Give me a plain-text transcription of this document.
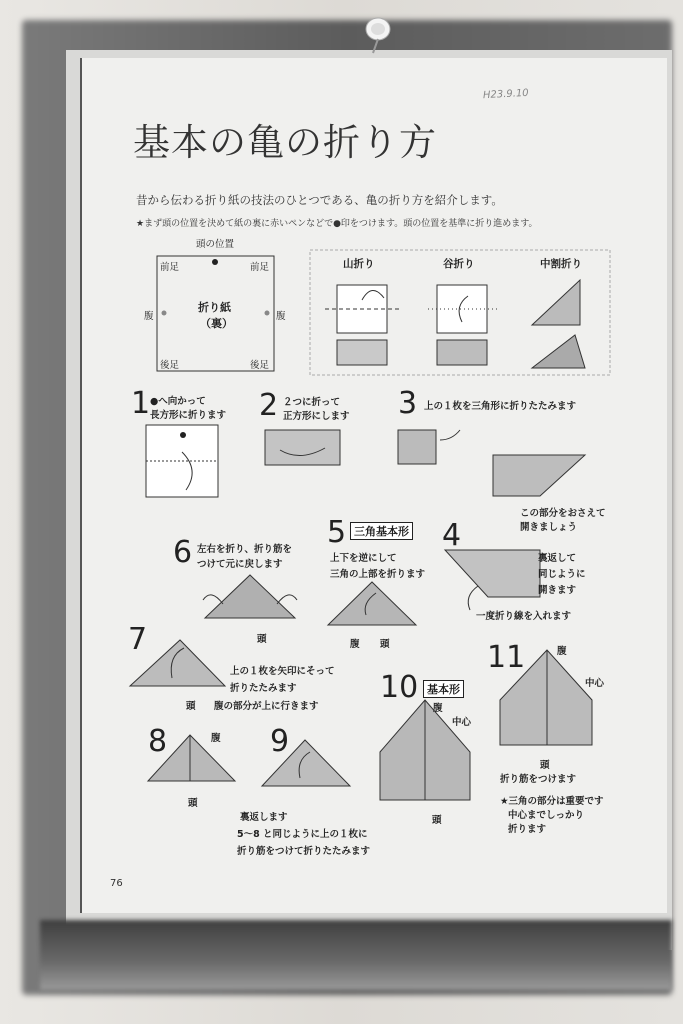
基本の亀の折り方
H23.9.10
昔から伝わる折り紙の技法のひとつである、亀の折り方を紹介します。
★まず頭の位置を決めて紙の裏に赤いペンなどで●印をつけます。頭の位置を基準に折り進めます。
頭の位置
前足	前足
腹	腹
後足	後足
折り紙
（裏）
山折り	谷折り	中割折り
1 ●へ向かって
長方形に折ります 2 ２つに折って
正方形にします 3 上の１枚を三角形に折りたたみます
この部分をおさえて
開きましょう
4
裏返して
同じように
開きます
一度折り線を入れます
5 三角基本形
上下を逆にして
三角の上部を折ります
腹 頭
6 左右を折り、折り筋を
つけて元に戻します
頭
7
上の１枚を矢印にそって
折りたたみます
頭 腹の部分が上に行きます
8	腹
頭
9
裏返します
5～8 と同じように上の１枚に
折り筋をつけて折りたたみます
10 基本形
腹
中心
頭
11	腹
中心
頭
折り筋をつけます
★三角の部分は重要です
中心までしっかり
折ります
76
